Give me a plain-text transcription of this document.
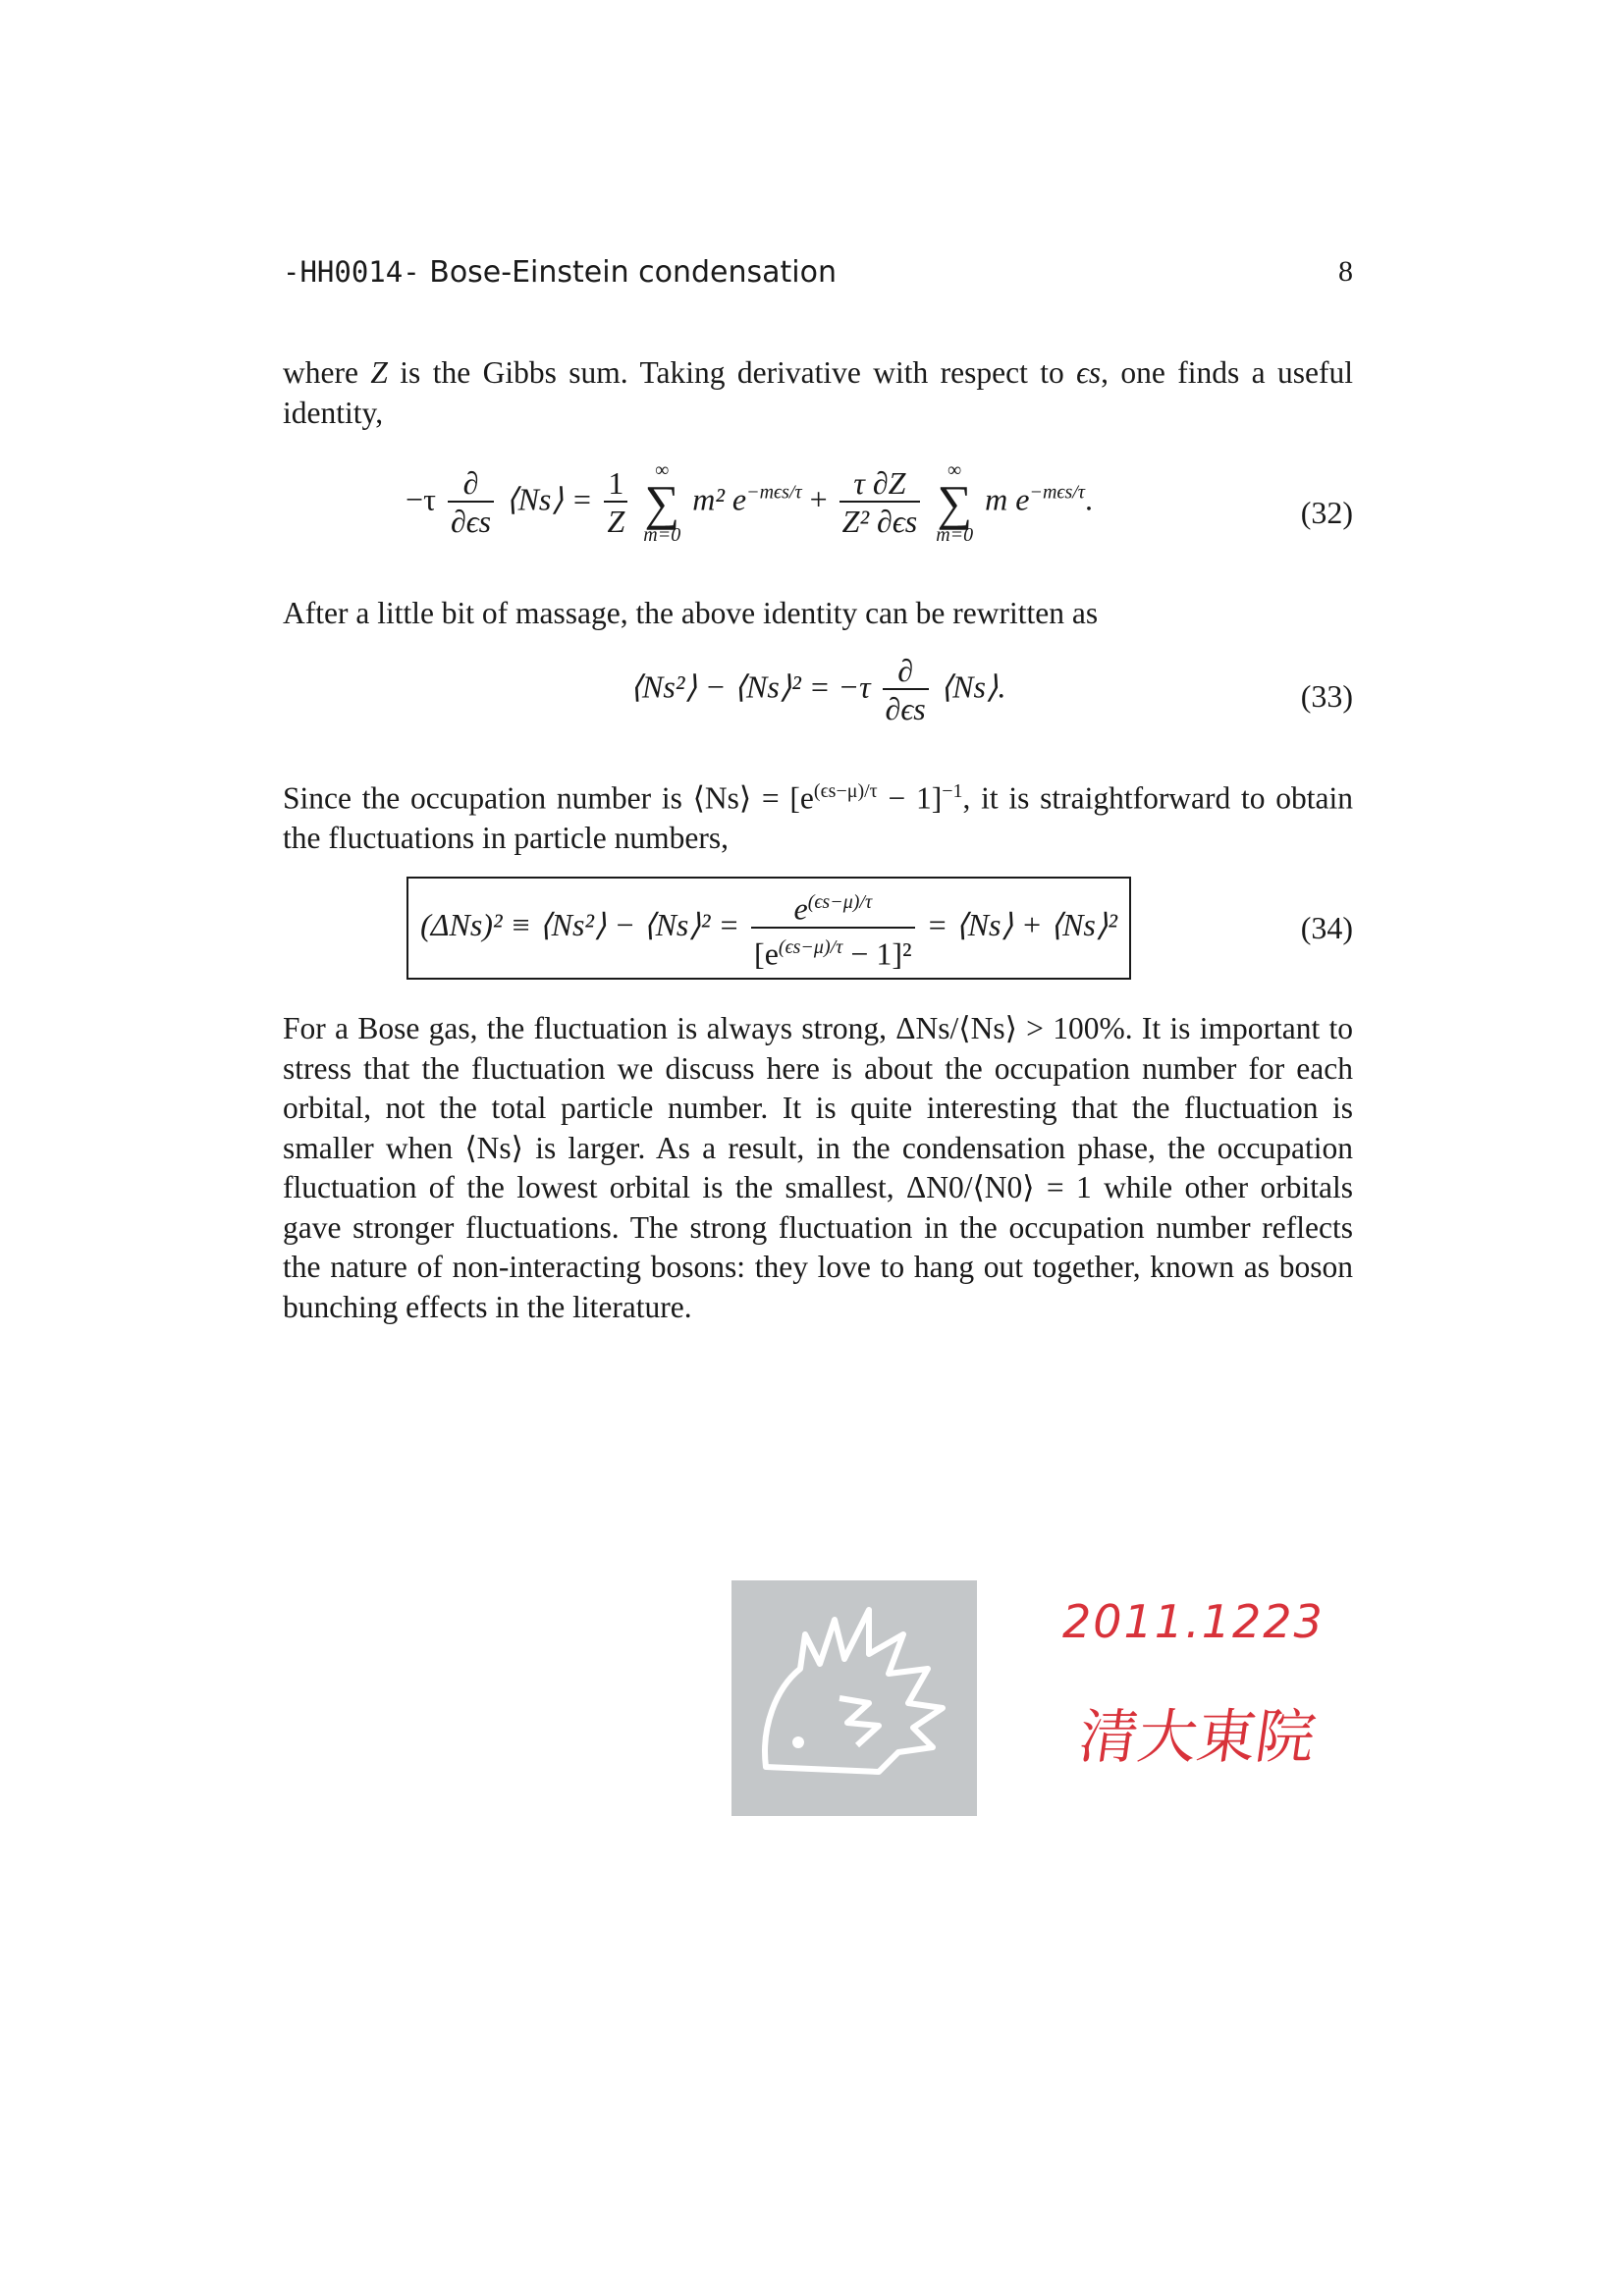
-HH0014- Bose-Einstein condensation	8
where Z is the Gibbs sum. Taking derivative with respect to ϵs, one finds a useful identity,
$-\tau \frac{\partial}{\partial\epsilon s}$ ⟨Ns⟩ = $\frac{1}{Z}$
	∞
∑
m=0
m² $e^{-m\epsilon s/\tau} + \frac{\tau \partial Z}{\text{Z² ∂ϵs}}$
	∞
∑
m=0
m $e^{-m\epsilon s/\tau}$.	(32)
After a little bit of massage, the above identity can be rewritten as
⟨Ns²⟩ − ⟨Ns⟩² = $-\tau \frac{\partial}{\partial\epsilon s}$ ⟨Ns⟩.	(33)
Since the occupation number is ⟨Ns⟩ = $[e^{(\epsilon s-\mu)/\tau} - 1]^{-1}$, it is straightforward to obtain the fluctuations in particle numbers,
(ΔNs)² ≡ ⟨Ns²⟩ − ⟨Ns⟩² = $\frac{e^{(\epsilon s-\mu)/\tau}}{[e^{(\epsilon s-\mu)/\tau} - 1]^2}$ = ⟨Ns⟩ + ⟨Ns⟩²	(34)
For a Bose gas, the fluctuation is always strong, ΔNs/⟨Ns⟩ > 100%. It is important to stress that the fluctuation we discuss here is about the occupation number for each orbital, not the total particle number. It is quite interesting that the fluctuation is smaller when ⟨Ns⟩ is larger. As a result, in the condensation phase, the occupation fluctuation of the lowest orbital is the smallest, ΔN0/⟨N0⟩ = 1 while other orbitals gave stronger fluctuations. The strong fluctuation in the occupation number reflects the nature of non-interacting bosons: they love to hang out together, known as boson bunching effects in the literature.
2011.1223
清大東院
